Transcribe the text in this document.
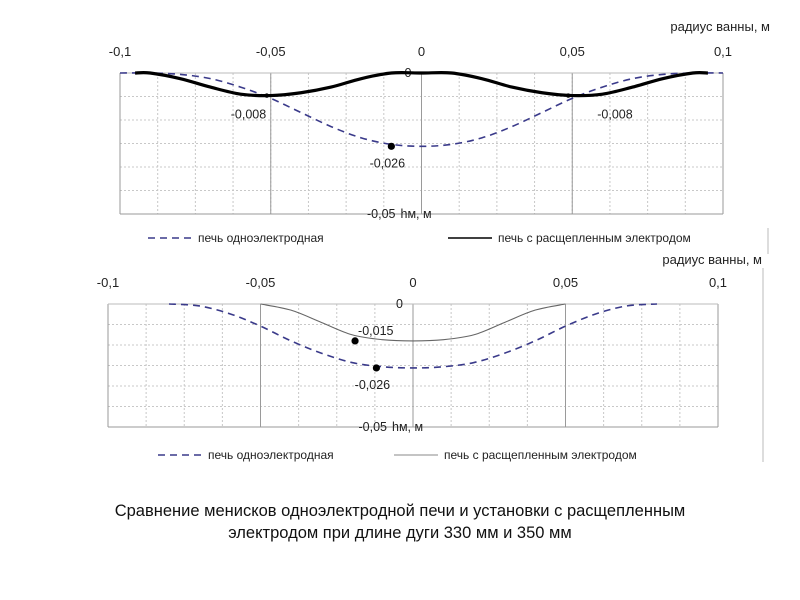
-0,1	-0,05	0	0,05	0,1
радиус ванны, м
0
-0,05 hм, м
-0,008	-0,008
-0,026
печь одноэлектродная	печь с расщепленным электродом
-0,1	-0,05	0	0,05	0,1
радиус ванны, м
0
-0,05 hм, м
-0,015
-0,026
печь одноэлектродная	печь с расщепленным электродом
Сравнение менисков одноэлектродной печи и установки с расщепленным
электродом при длине дуги 330 мм и 350 мм
